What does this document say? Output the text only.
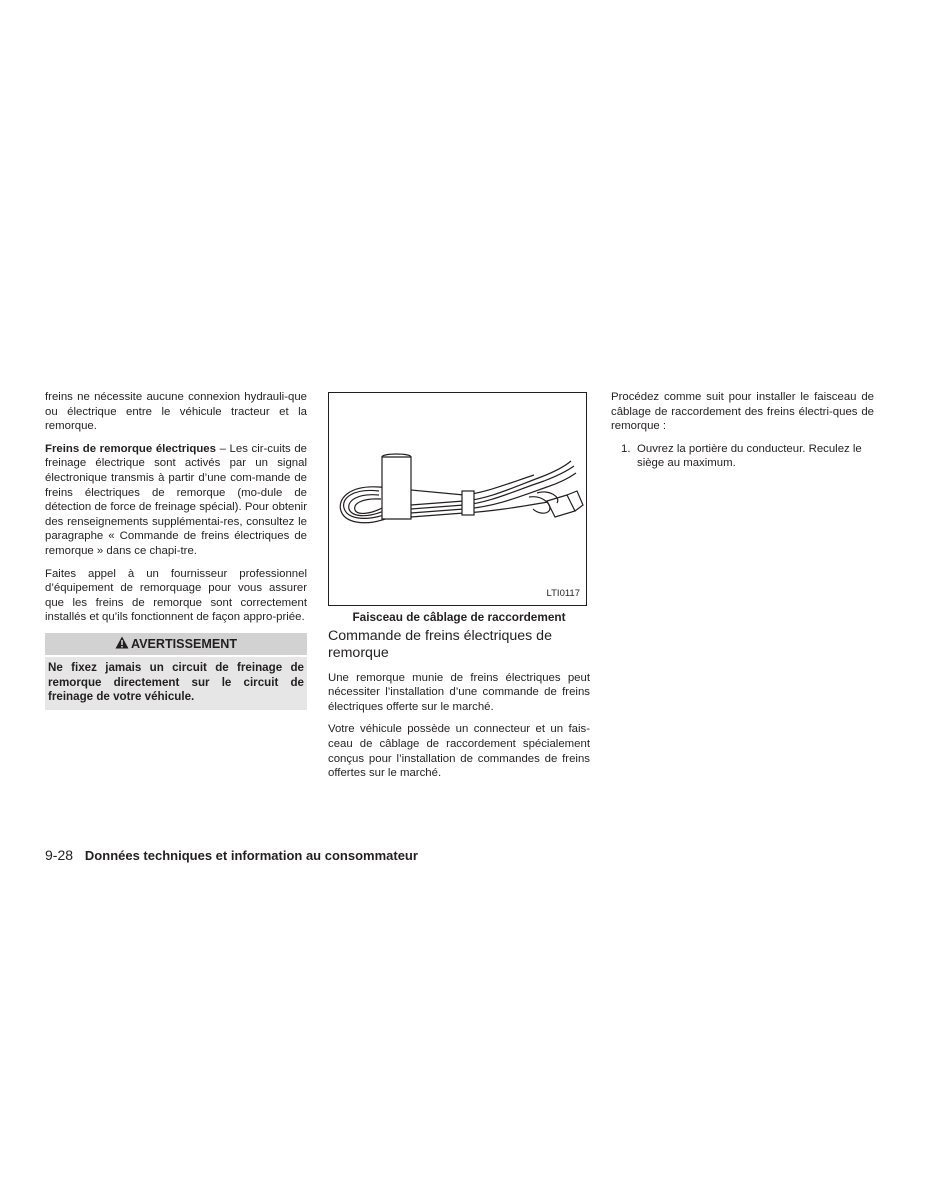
freins ne nécessite aucune connexion hydrauli-que ou électrique entre le véhicule tracteur et la remorque.

Freins de remorque électriques – Les cir-cuits de freinage électrique sont activés par un signal électronique transmis à partir d’une com-mande de freins électriques de remorque (mo-dule de détection de force de freinage spécial). Pour obtenir des renseignements supplémentai-res, consultez le paragraphe « Commande de freins électriques de remorque » dans ce chapi-tre.

Faites appel à un fournisseur professionnel d’équipement de remorquage pour vous assurer que les freins de remorque sont correctement installés et qu’ils fonctionnent de façon appro-priée.

AVERTISSEMENT
Ne fixez jamais un circuit de freinage de remorque directement sur le circuit de freinage de votre véhicule.
LTI0117
Faisceau de câblage de raccordement
Commande de freins électriques de remorque

Une remorque munie de freins électriques peut nécessiter l’installation d’une commande de freins électriques offerte sur le marché.

Votre véhicule possède un connecteur et un fais-ceau de câblage de raccordement spécialement conçus pour l’installation de commandes de freins offertes sur le marché.

Procédez comme suit pour installer le faisceau de câblage de raccordement des freins électri-ques de remorque :

1. Ouvrez la portière du conducteur. Reculez le siège au maximum.
9-28 Données techniques et information au consommateur
